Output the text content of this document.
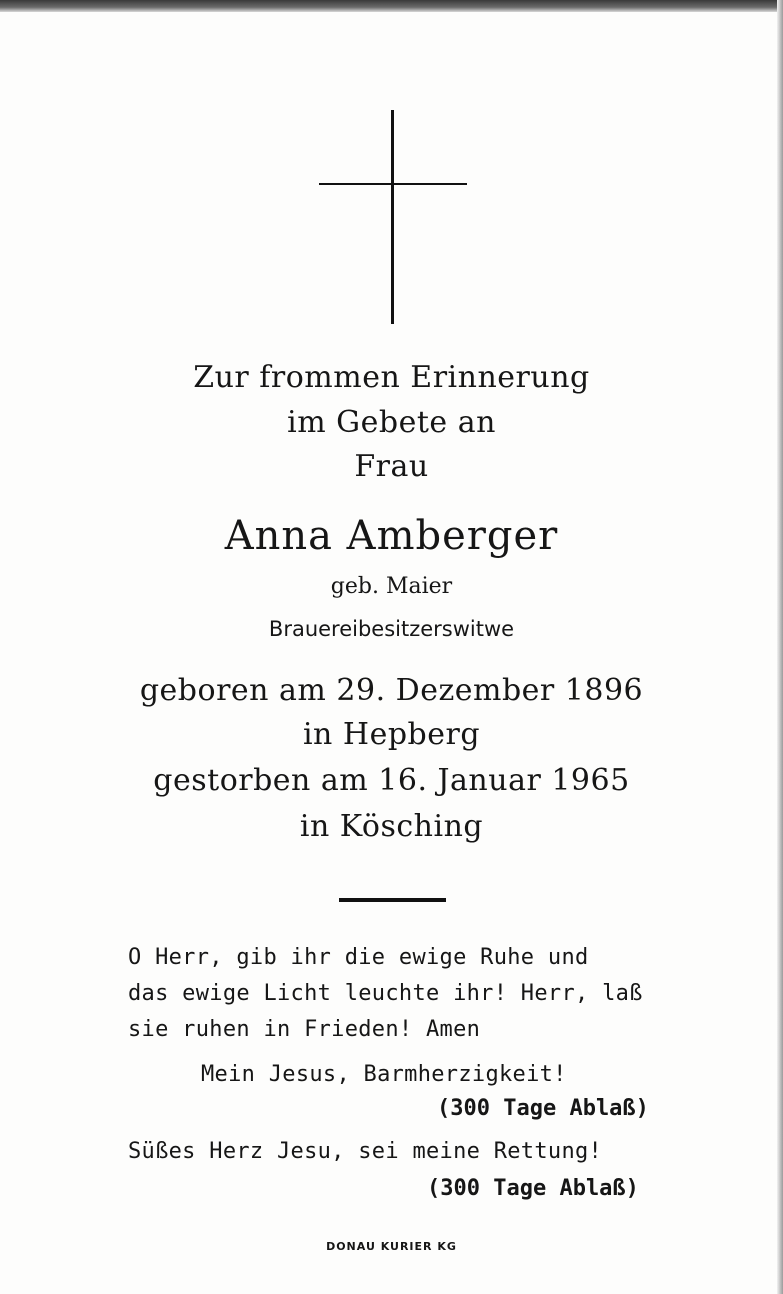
Zur frommen Erinnerung
im Gebete an
Frau
Anna Amberger
geb. Maier
Brauereibesitzerswitwe
geboren am 29. Dezember 1896
in Hepberg
gestorben am 16. Januar 1965
in Kösching
O Herr, gib ihr die ewige Ruhe und
das ewige Licht leuchte ihr! Herr, laß
sie ruhen in Frieden! Amen
Mein Jesus, Barmherzigkeit!
(300 Tage Ablaß)
Süßes Herz Jesu, sei meine Rettung!
(300 Tage Ablaß)
DONAU KURIER KG
